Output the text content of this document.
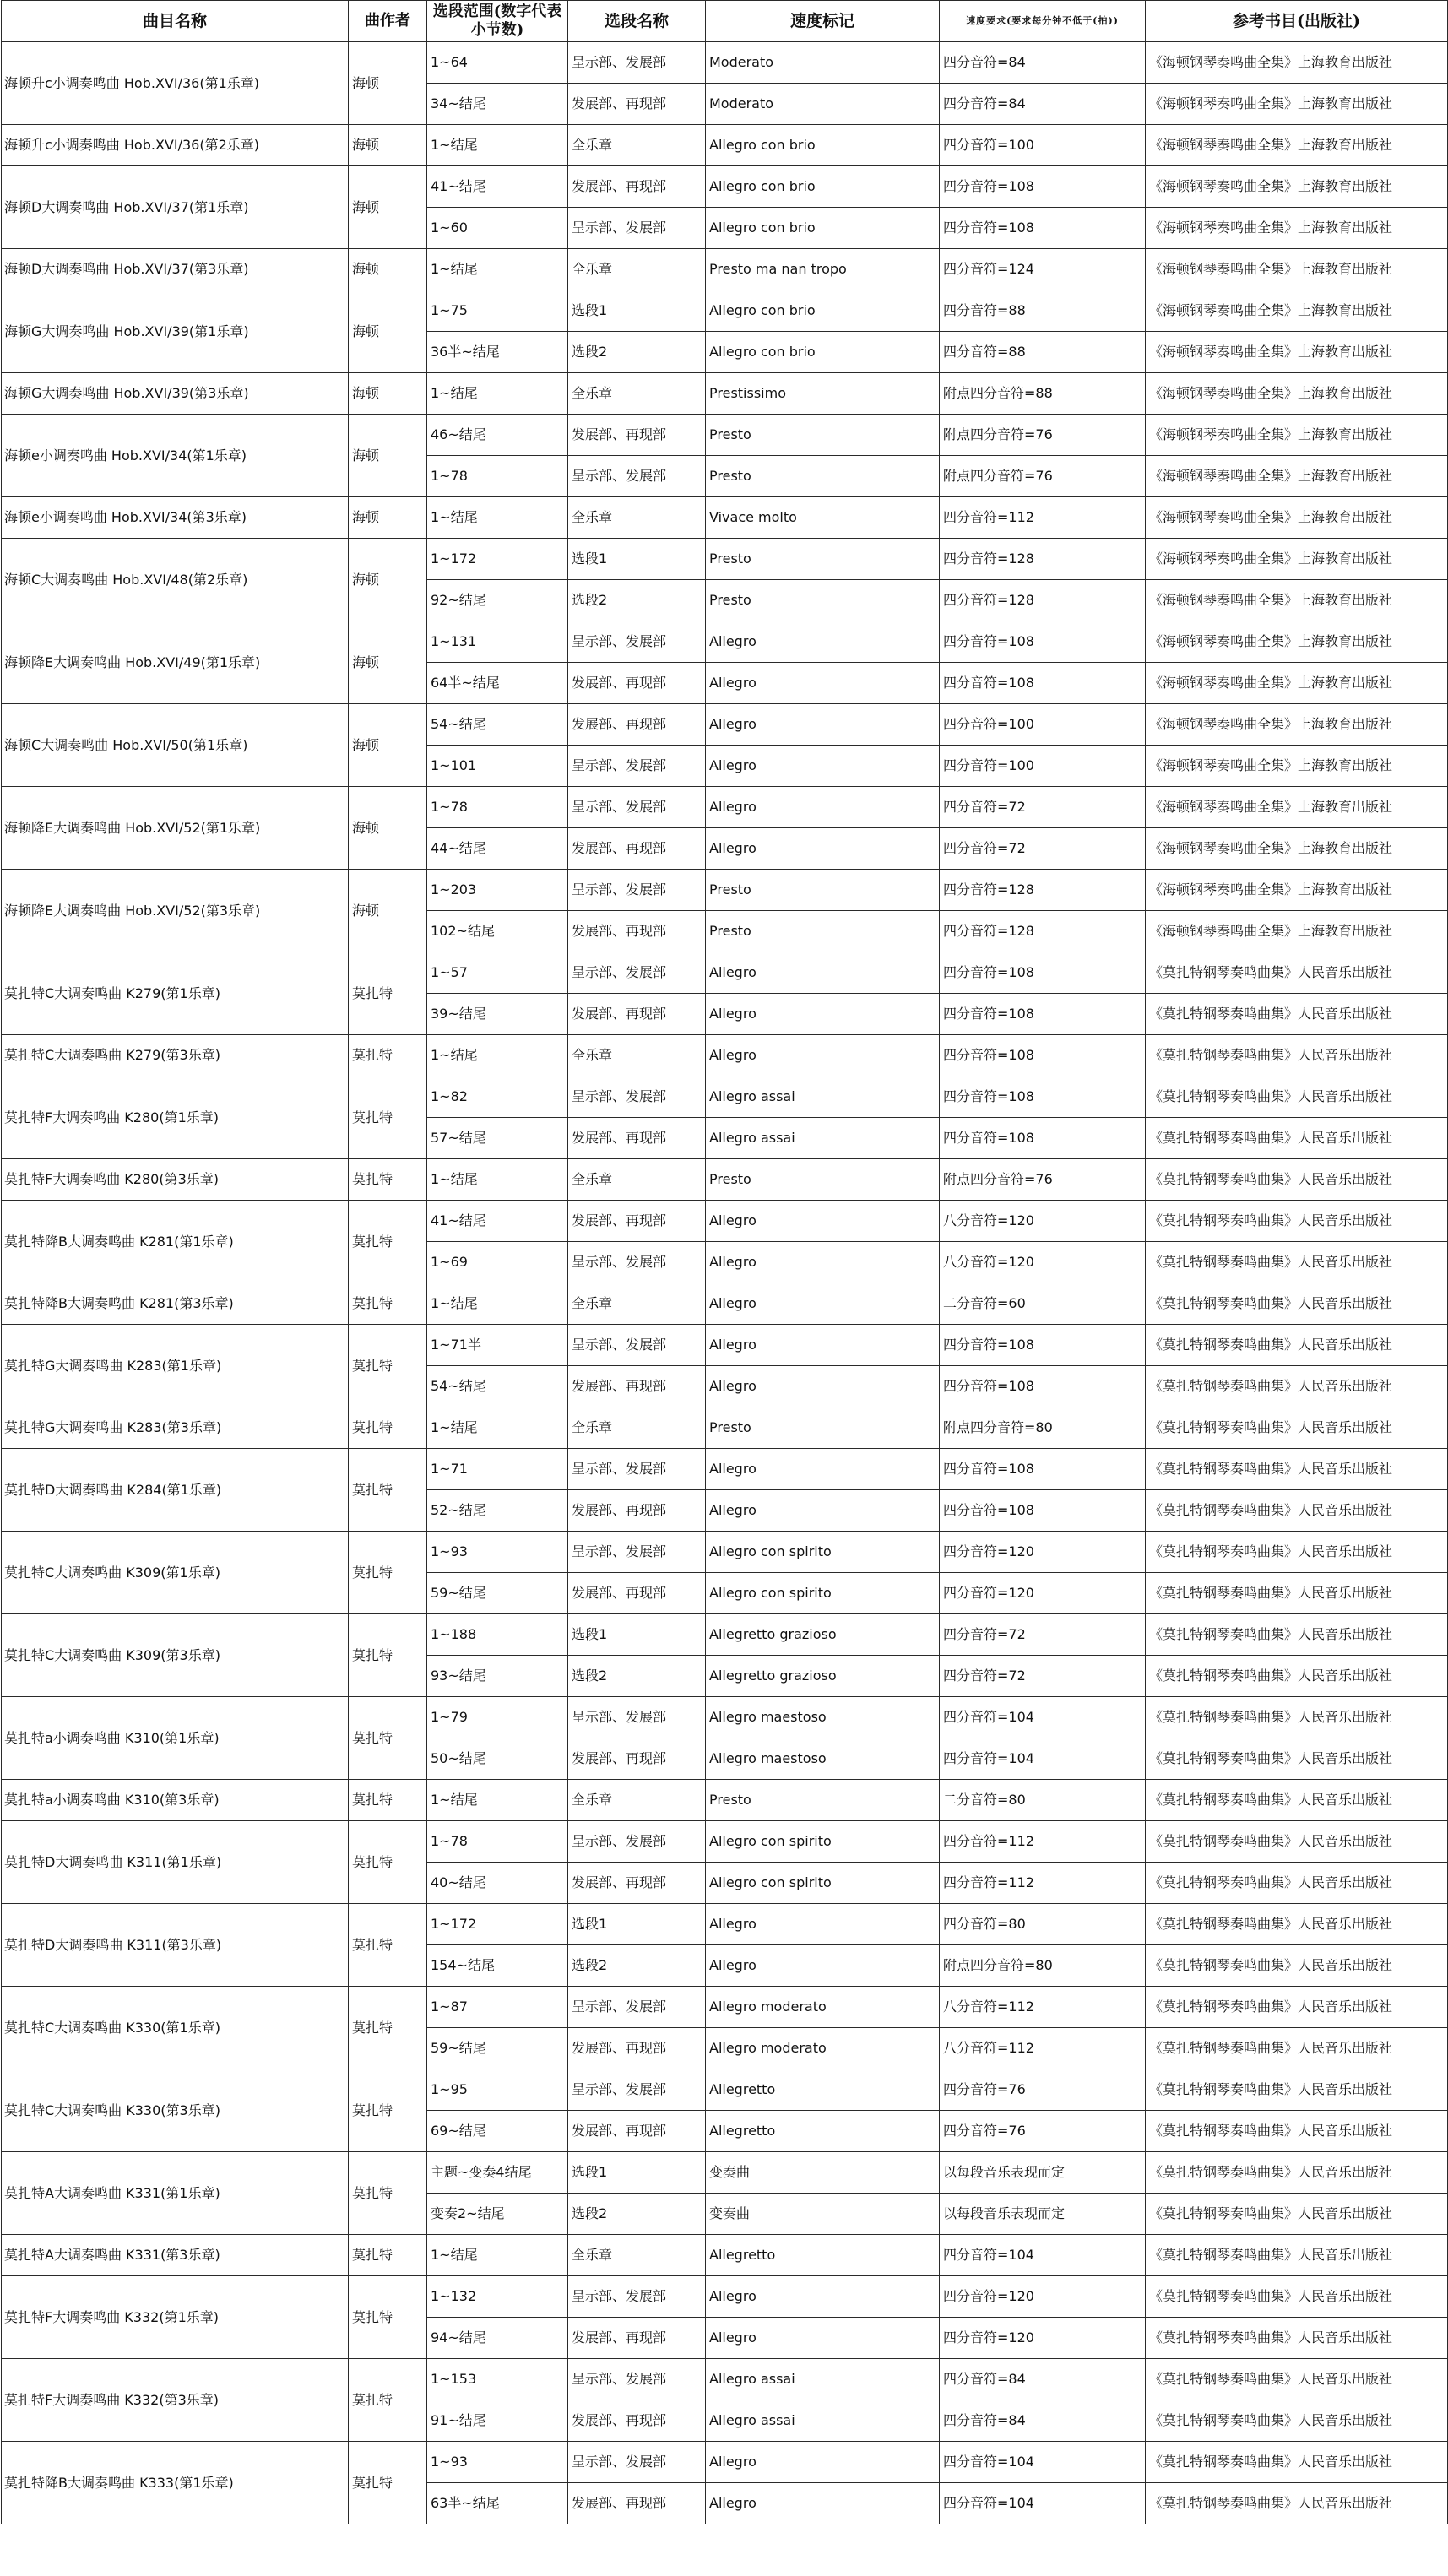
曲目名称	曲作者	选段范围(数字代表小节数)	选段名称	速度标记	速度要求(要求每分钟不低于(拍))	参考书目(出版社)
海顿升c小调奏鸣曲 Hob.XVI/36(第1乐章)	海顿	1~64	呈示部、发展部	Moderato	四分音符=84	《海顿钢琴奏鸣曲全集》上海教育出版社
		34~结尾	发展部、再现部	Moderato	四分音符=84	《海顿钢琴奏鸣曲全集》上海教育出版社
海顿升c小调奏鸣曲 Hob.XVI/36(第2乐章)	海顿	1~结尾	全乐章	Allegro con brio	四分音符=100	《海顿钢琴奏鸣曲全集》上海教育出版社
海顿D大调奏鸣曲 Hob.XVI/37(第1乐章)	海顿	41~结尾	发展部、再现部	Allegro con brio	四分音符=108	《海顿钢琴奏鸣曲全集》上海教育出版社
		1~60	呈示部、发展部	Allegro con brio	四分音符=108	《海顿钢琴奏鸣曲全集》上海教育出版社
海顿D大调奏鸣曲 Hob.XVI/37(第3乐章)	海顿	1~结尾	全乐章	Presto ma nan tropo	四分音符=124	《海顿钢琴奏鸣曲全集》上海教育出版社
海顿G大调奏鸣曲 Hob.XVI/39(第1乐章)	海顿	1~75	选段1	Allegro con brio	四分音符=88	《海顿钢琴奏鸣曲全集》上海教育出版社
		36半~结尾	选段2	Allegro con brio	四分音符=88	《海顿钢琴奏鸣曲全集》上海教育出版社
海顿G大调奏鸣曲 Hob.XVI/39(第3乐章)	海顿	1~结尾	全乐章	Prestissimo	附点四分音符=88	《海顿钢琴奏鸣曲全集》上海教育出版社
海顿e小调奏鸣曲 Hob.XVI/34(第1乐章)	海顿	46~结尾	发展部、再现部	Presto	附点四分音符=76	《海顿钢琴奏鸣曲全集》上海教育出版社
		1~78	呈示部、发展部	Presto	附点四分音符=76	《海顿钢琴奏鸣曲全集》上海教育出版社
海顿e小调奏鸣曲 Hob.XVI/34(第3乐章)	海顿	1~结尾	全乐章	Vivace molto	四分音符=112	《海顿钢琴奏鸣曲全集》上海教育出版社
海顿C大调奏鸣曲 Hob.XVI/48(第2乐章)	海顿	1~172	选段1	Presto	四分音符=128	《海顿钢琴奏鸣曲全集》上海教育出版社
		92~结尾	选段2	Presto	四分音符=128	《海顿钢琴奏鸣曲全集》上海教育出版社
海顿降E大调奏鸣曲 Hob.XVI/49(第1乐章)	海顿	1~131	呈示部、发展部	Allegro	四分音符=108	《海顿钢琴奏鸣曲全集》上海教育出版社
		64半~结尾	发展部、再现部	Allegro	四分音符=108	《海顿钢琴奏鸣曲全集》上海教育出版社
海顿C大调奏鸣曲 Hob.XVI/50(第1乐章)	海顿	54~结尾	发展部、再现部	Allegro	四分音符=100	《海顿钢琴奏鸣曲全集》上海教育出版社
		1~101	呈示部、发展部	Allegro	四分音符=100	《海顿钢琴奏鸣曲全集》上海教育出版社
海顿降E大调奏鸣曲 Hob.XVI/52(第1乐章)	海顿	1~78	呈示部、发展部	Allegro	四分音符=72	《海顿钢琴奏鸣曲全集》上海教育出版社
		44~结尾	发展部、再现部	Allegro	四分音符=72	《海顿钢琴奏鸣曲全集》上海教育出版社
海顿降E大调奏鸣曲 Hob.XVI/52(第3乐章)	海顿	1~203	呈示部、发展部	Presto	四分音符=128	《海顿钢琴奏鸣曲全集》上海教育出版社
		102~结尾	发展部、再现部	Presto	四分音符=128	《海顿钢琴奏鸣曲全集》上海教育出版社
莫扎特C大调奏鸣曲 K279(第1乐章)	莫扎特	1~57	呈示部、发展部	Allegro	四分音符=108	《莫扎特钢琴奏鸣曲集》人民音乐出版社
		39~结尾	发展部、再现部	Allegro	四分音符=108	《莫扎特钢琴奏鸣曲集》人民音乐出版社
莫扎特C大调奏鸣曲 K279(第3乐章)	莫扎特	1~结尾	全乐章	Allegro	四分音符=108	《莫扎特钢琴奏鸣曲集》人民音乐出版社
莫扎特F大调奏鸣曲 K280(第1乐章)	莫扎特	1~82	呈示部、发展部	Allegro assai	四分音符=108	《莫扎特钢琴奏鸣曲集》人民音乐出版社
		57~结尾	发展部、再现部	Allegro assai	四分音符=108	《莫扎特钢琴奏鸣曲集》人民音乐出版社
莫扎特F大调奏鸣曲 K280(第3乐章)	莫扎特	1~结尾	全乐章	Presto	附点四分音符=76	《莫扎特钢琴奏鸣曲集》人民音乐出版社
莫扎特降B大调奏鸣曲 K281(第1乐章)	莫扎特	41~结尾	发展部、再现部	Allegro	八分音符=120	《莫扎特钢琴奏鸣曲集》人民音乐出版社
		1~69	呈示部、发展部	Allegro	八分音符=120	《莫扎特钢琴奏鸣曲集》人民音乐出版社
莫扎特降B大调奏鸣曲 K281(第3乐章)	莫扎特	1~结尾	全乐章	Allegro	二分音符=60	《莫扎特钢琴奏鸣曲集》人民音乐出版社
莫扎特G大调奏鸣曲 K283(第1乐章)	莫扎特	1~71半	呈示部、发展部	Allegro	四分音符=108	《莫扎特钢琴奏鸣曲集》人民音乐出版社
		54~结尾	发展部、再现部	Allegro	四分音符=108	《莫扎特钢琴奏鸣曲集》人民音乐出版社
莫扎特G大调奏鸣曲 K283(第3乐章)	莫扎特	1~结尾	全乐章	Presto	附点四分音符=80	《莫扎特钢琴奏鸣曲集》人民音乐出版社
莫扎特D大调奏鸣曲 K284(第1乐章)	莫扎特	1~71	呈示部、发展部	Allegro	四分音符=108	《莫扎特钢琴奏鸣曲集》人民音乐出版社
		52~结尾	发展部、再现部	Allegro	四分音符=108	《莫扎特钢琴奏鸣曲集》人民音乐出版社
莫扎特C大调奏鸣曲 K309(第1乐章)	莫扎特	1~93	呈示部、发展部	Allegro con spirito	四分音符=120	《莫扎特钢琴奏鸣曲集》人民音乐出版社
		59~结尾	发展部、再现部	Allegro con spirito	四分音符=120	《莫扎特钢琴奏鸣曲集》人民音乐出版社
莫扎特C大调奏鸣曲 K309(第3乐章)	莫扎特	1~188	选段1	Allegretto grazioso	四分音符=72	《莫扎特钢琴奏鸣曲集》人民音乐出版社
		93~结尾	选段2	Allegretto grazioso	四分音符=72	《莫扎特钢琴奏鸣曲集》人民音乐出版社
莫扎特a小调奏鸣曲 K310(第1乐章)	莫扎特	1~79	呈示部、发展部	Allegro maestoso	四分音符=104	《莫扎特钢琴奏鸣曲集》人民音乐出版社
		50~结尾	发展部、再现部	Allegro maestoso	四分音符=104	《莫扎特钢琴奏鸣曲集》人民音乐出版社
莫扎特a小调奏鸣曲 K310(第3乐章)	莫扎特	1~结尾	全乐章	Presto	二分音符=80	《莫扎特钢琴奏鸣曲集》人民音乐出版社
莫扎特D大调奏鸣曲 K311(第1乐章)	莫扎特	1~78	呈示部、发展部	Allegro con spirito	四分音符=112	《莫扎特钢琴奏鸣曲集》人民音乐出版社
		40~结尾	发展部、再现部	Allegro con spirito	四分音符=112	《莫扎特钢琴奏鸣曲集》人民音乐出版社
莫扎特D大调奏鸣曲 K311(第3乐章)	莫扎特	1~172	选段1	Allegro	四分音符=80	《莫扎特钢琴奏鸣曲集》人民音乐出版社
		154~结尾	选段2	Allegro	附点四分音符=80	《莫扎特钢琴奏鸣曲集》人民音乐出版社
莫扎特C大调奏鸣曲 K330(第1乐章)	莫扎特	1~87	呈示部、发展部	Allegro moderato	八分音符=112	《莫扎特钢琴奏鸣曲集》人民音乐出版社
		59~结尾	发展部、再现部	Allegro moderato	八分音符=112	《莫扎特钢琴奏鸣曲集》人民音乐出版社
莫扎特C大调奏鸣曲 K330(第3乐章)	莫扎特	1~95	呈示部、发展部	Allegretto	四分音符=76	《莫扎特钢琴奏鸣曲集》人民音乐出版社
		69~结尾	发展部、再现部	Allegretto	四分音符=76	《莫扎特钢琴奏鸣曲集》人民音乐出版社
莫扎特A大调奏鸣曲 K331(第1乐章)	莫扎特	主题~变奏4结尾	选段1	变奏曲	以每段音乐表现而定	《莫扎特钢琴奏鸣曲集》人民音乐出版社
		变奏2~结尾	选段2	变奏曲	以每段音乐表现而定	《莫扎特钢琴奏鸣曲集》人民音乐出版社
莫扎特A大调奏鸣曲 K331(第3乐章)	莫扎特	1~结尾	全乐章	Allegretto	四分音符=104	《莫扎特钢琴奏鸣曲集》人民音乐出版社
莫扎特F大调奏鸣曲 K332(第1乐章)	莫扎特	1~132	呈示部、发展部	Allegro	四分音符=120	《莫扎特钢琴奏鸣曲集》人民音乐出版社
		94~结尾	发展部、再现部	Allegro	四分音符=120	《莫扎特钢琴奏鸣曲集》人民音乐出版社
莫扎特F大调奏鸣曲 K332(第3乐章)	莫扎特	1~153	呈示部、发展部	Allegro assai	四分音符=84	《莫扎特钢琴奏鸣曲集》人民音乐出版社
		91~结尾	发展部、再现部	Allegro assai	四分音符=84	《莫扎特钢琴奏鸣曲集》人民音乐出版社
莫扎特降B大调奏鸣曲 K333(第1乐章)	莫扎特	1~93	呈示部、发展部	Allegro	四分音符=104	《莫扎特钢琴奏鸣曲集》人民音乐出版社
		63半~结尾	发展部、再现部	Allegro	四分音符=104	《莫扎特钢琴奏鸣曲集》人民音乐出版社
